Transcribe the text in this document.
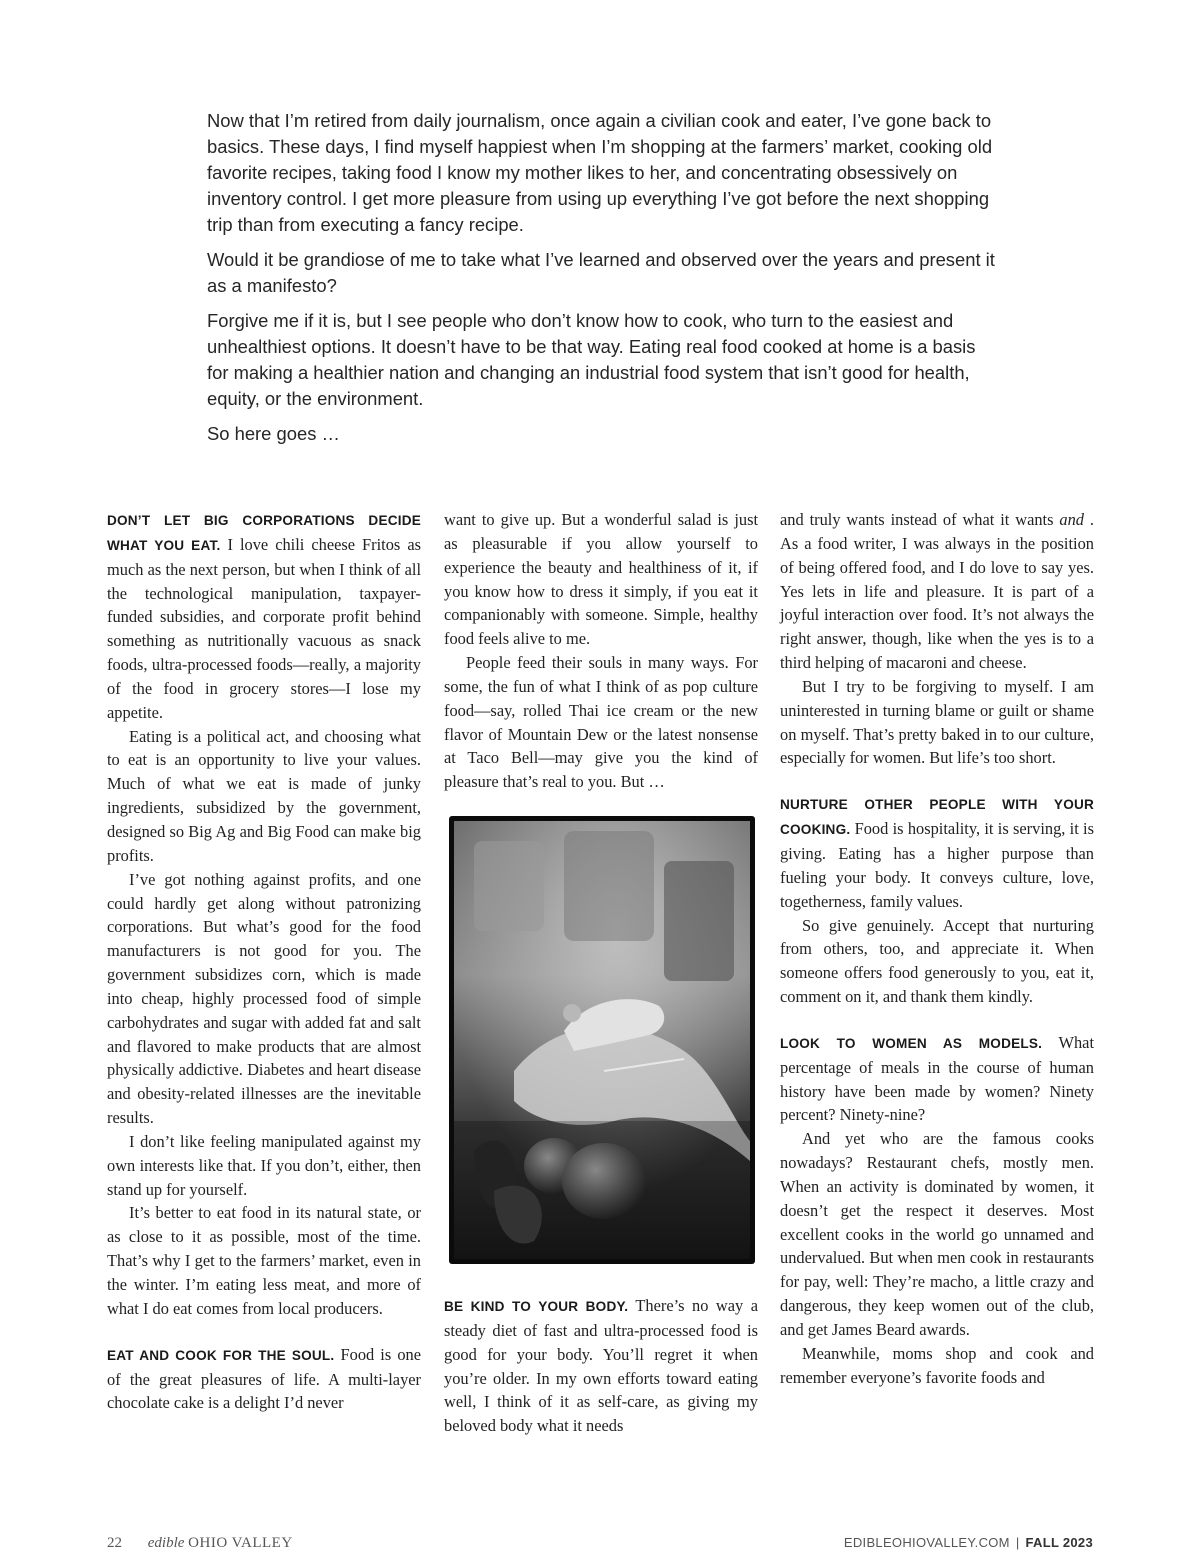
Now that I’m retired from daily journalism, once again a civilian cook and eater, I’ve gone back to basics. These days, I find myself happiest when I’m shopping at the farmers’ market, cooking old favorite recipes, taking food I know my mother likes to her, and concentrating obsessively on inventory control. I get more pleasure from using up everything I’ve got before the next shopping trip than from executing a fancy recipe.

Would it be grandiose of me to take what I’ve learned and observed over the years and present it as a manifesto?

Forgive me if it is, but I see people who don’t know how to cook, who turn to the easiest and unhealthiest options. It doesn’t have to be that way. Eating real food cooked at home is a basis for making a healthier nation and changing an industrial food system that isn’t good for health, equity, or the environment.

So here goes …

DON’T LET BIG CORPORATIONS DECIDE WHAT YOU EAT. I love chili cheese Fritos as much as the next person, but when I think of all the technological manipulation, taxpayer-funded subsidies, and corporate profit behind something as nutritionally vacuous as snack foods, ultra-processed foods—really, a majority of the food in grocery stores—I lose my appetite.

Eating is a political act, and choosing what to eat is an opportunity to live your values. Much of what we eat is made of junky ingredients, subsidized by the government, designed so Big Ag and Big Food can make big profits.

I’ve got nothing against profits, and one could hardly get along without patronizing corporations. But what’s good for the food manufacturers is not good for you. The government subsidizes corn, which is made into cheap, highly processed food of simple carbohydrates and sugar with added fat and salt and flavored to make products that are almost physically addictive. Diabetes and heart disease and obesity-related illnesses are the inevitable results.

I don’t like feeling manipulated against my own interests like that. If you don’t, either, then stand up for yourself.

It’s better to eat food in its natural state, or as close to it as possible, most of the time. That’s why I get to the farmers’ market, even in the winter. I’m eating less meat, and more of what I do eat comes from local producers.

EAT AND COOK FOR THE SOUL. Food is one of the great pleasures of life. A multi-layer chocolate cake is a delight I’d never

want to give up. But a wonderful salad is just as pleasurable if you allow yourself to experience the beauty and healthiness of it, if you know how to dress it simply, if you eat it companionably with someone. Simple, healthy food feels alive to me.

People feed their souls in many ways. For some, the fun of what I think of as pop culture food—say, rolled Thai ice cream or the new flavor of Mountain Dew or the latest nonsense at Taco Bell—may give you the kind of pleasure that’s real to you. But …

BE KIND TO YOUR BODY. There’s no way a steady diet of fast and ultra-processed food is good for your body. You’ll regret it when you’re older. In my own efforts toward eating well, I think of it as self-care, as giving my beloved body what it needs

and truly wants instead of what it wants and . As a food writer, I was always in the position of being offered food, and I do love to say yes. Yes lets in life and pleasure. It is part of a joyful interaction over food. It’s not always the right answer, though, like when the yes is to a third helping of macaroni and cheese.

But I try to be forgiving to myself. I am uninterested in turning blame or guilt or shame on myself. That’s pretty baked in to our culture, especially for women. But life’s too short.

NURTURE OTHER PEOPLE WITH YOUR COOKING. Food is hospitality, it is serving, it is giving. Eating has a higher purpose than fueling your body. It conveys culture, love, togetherness, family values.

So give genuinely. Accept that nurturing from others, too, and appreciate it. When someone offers food generously to you, eat it, comment on it, and thank them kindly.

LOOK TO WOMEN AS MODELS. What percentage of meals in the course of human history have been made by women? Ninety percent? Ninety-nine?

And yet who are the famous cooks nowadays? Restaurant chefs, mostly men. When an activity is dominated by women, it doesn’t get the respect it deserves. Most excellent cooks in the world go unnamed and undervalued. But when men cook in restaurants for pay, well: They’re macho, a little crazy and dangerous, they keep women out of the club, and get James Beard awards.

Meanwhile, moms shop and cook and remember everyone’s favorite foods and

22 edible OHIO VALLEY	EDIBLEOHIOVALLEY.COM | FALL 2023
